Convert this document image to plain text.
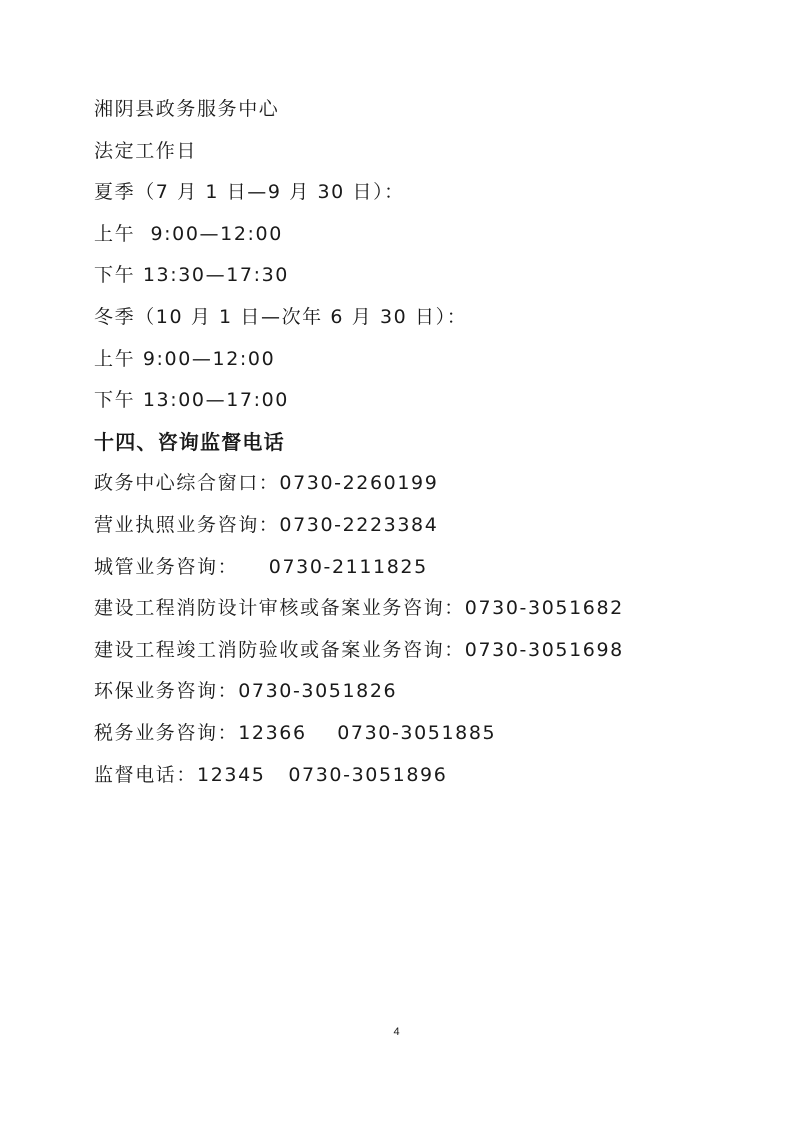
湘阴县政务服务中心
法定工作日
夏季（7 月 1 日—9 月 30 日）：
上午  9:00—12:00
下午 13:30—17:30
冬季（10 月 1 日—次年 6 月 30 日）：
上午 9:00—12:00
下午 13:00—17:00
十四、咨询监督电话
政务中心综合窗口：0730-2260199
营业执照业务咨询：0730-2223384
城管业务咨询：    0730-2111825
建设工程消防设计审核或备案业务咨询：0730-3051682
建设工程竣工消防验收或备案业务咨询：0730-3051698
环保业务咨询：0730-3051826
税务业务咨询：12366    0730-3051885
监督电话：12345   0730-3051896
4
